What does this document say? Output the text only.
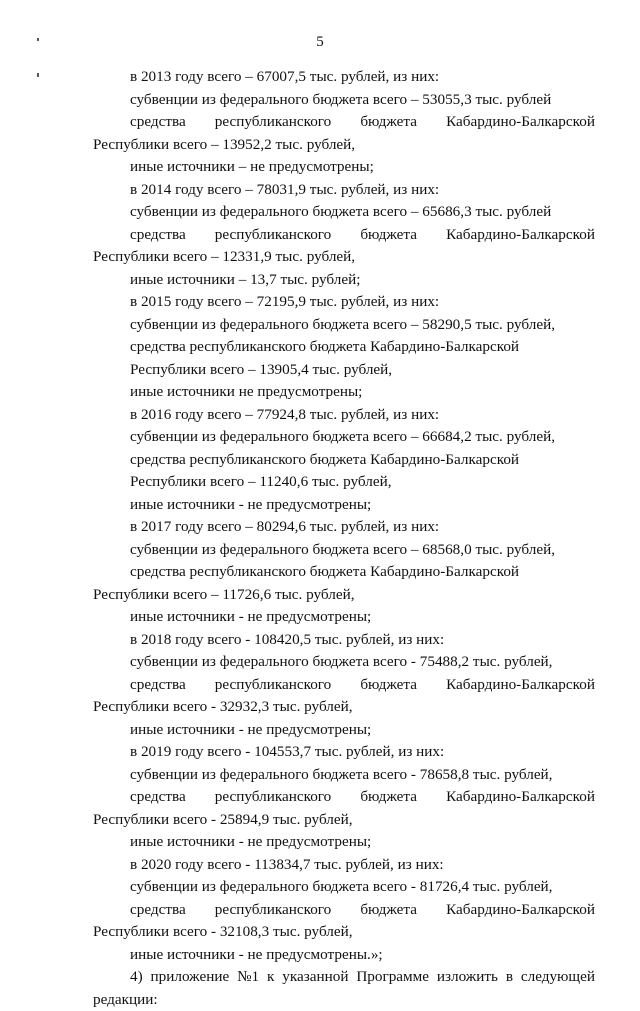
5
в 2013 году всего – 67007,5 тыс. рублей, из них:
субвенции из федерального бюджета всего – 53055,3 тыс. рублей
средства республиканского бюджета Кабардино-Балкарской
Республики всего – 13952,2 тыс. рублей,
иные источники – не предусмотрены;
в 2014 году всего – 78031,9 тыс. рублей, из них:
субвенции из федерального бюджета всего – 65686,3 тыс. рублей
средства республиканского бюджета Кабардино-Балкарской
Республики всего – 12331,9 тыс. рублей,
иные источники – 13,7 тыс. рублей;
в 2015 году всего – 72195,9 тыс. рублей, из них:
субвенции из федерального бюджета всего – 58290,5 тыс. рублей,
средства республиканского бюджета Кабардино-Балкарской
Республики всего – 13905,4 тыс. рублей,
иные источники не предусмотрены;
в 2016 году всего – 77924,8 тыс. рублей, из них:
субвенции из федерального бюджета всего – 66684,2 тыс. рублей,
средства республиканского бюджета Кабардино-Балкарской
Республики всего – 11240,6 тыс. рублей,
иные источники - не предусмотрены;
в 2017 году всего – 80294,6 тыс. рублей, из них:
субвенции из федерального бюджета всего – 68568,0 тыс. рублей,
средства республиканского бюджета Кабардино-Балкарской
Республики всего – 11726,6 тыс. рублей,
иные источники - не предусмотрены;
в 2018 году всего - 108420,5 тыс. рублей, из них:
субвенции из федерального бюджета всего - 75488,2 тыс. рублей,
средства республиканского бюджета Кабардино-Балкарской
Республики всего - 32932,3 тыс. рублей,
иные источники - не предусмотрены;
в 2019 году всего - 104553,7 тыс. рублей, из них:
субвенции из федерального бюджета всего - 78658,8 тыс. рублей,
средства республиканского бюджета Кабардино-Балкарской
Республики всего - 25894,9 тыс. рублей,
иные источники - не предусмотрены;
в 2020 году всего - 113834,7 тыс. рублей, из них:
субвенции из федерального бюджета всего - 81726,4 тыс. рублей,
средства республиканского бюджета Кабардино-Балкарской
Республики всего - 32108,3 тыс. рублей,
иные источники - не предусмотрены.»;
4) приложение №1 к указанной Программе изложить в следующей
редакции:
